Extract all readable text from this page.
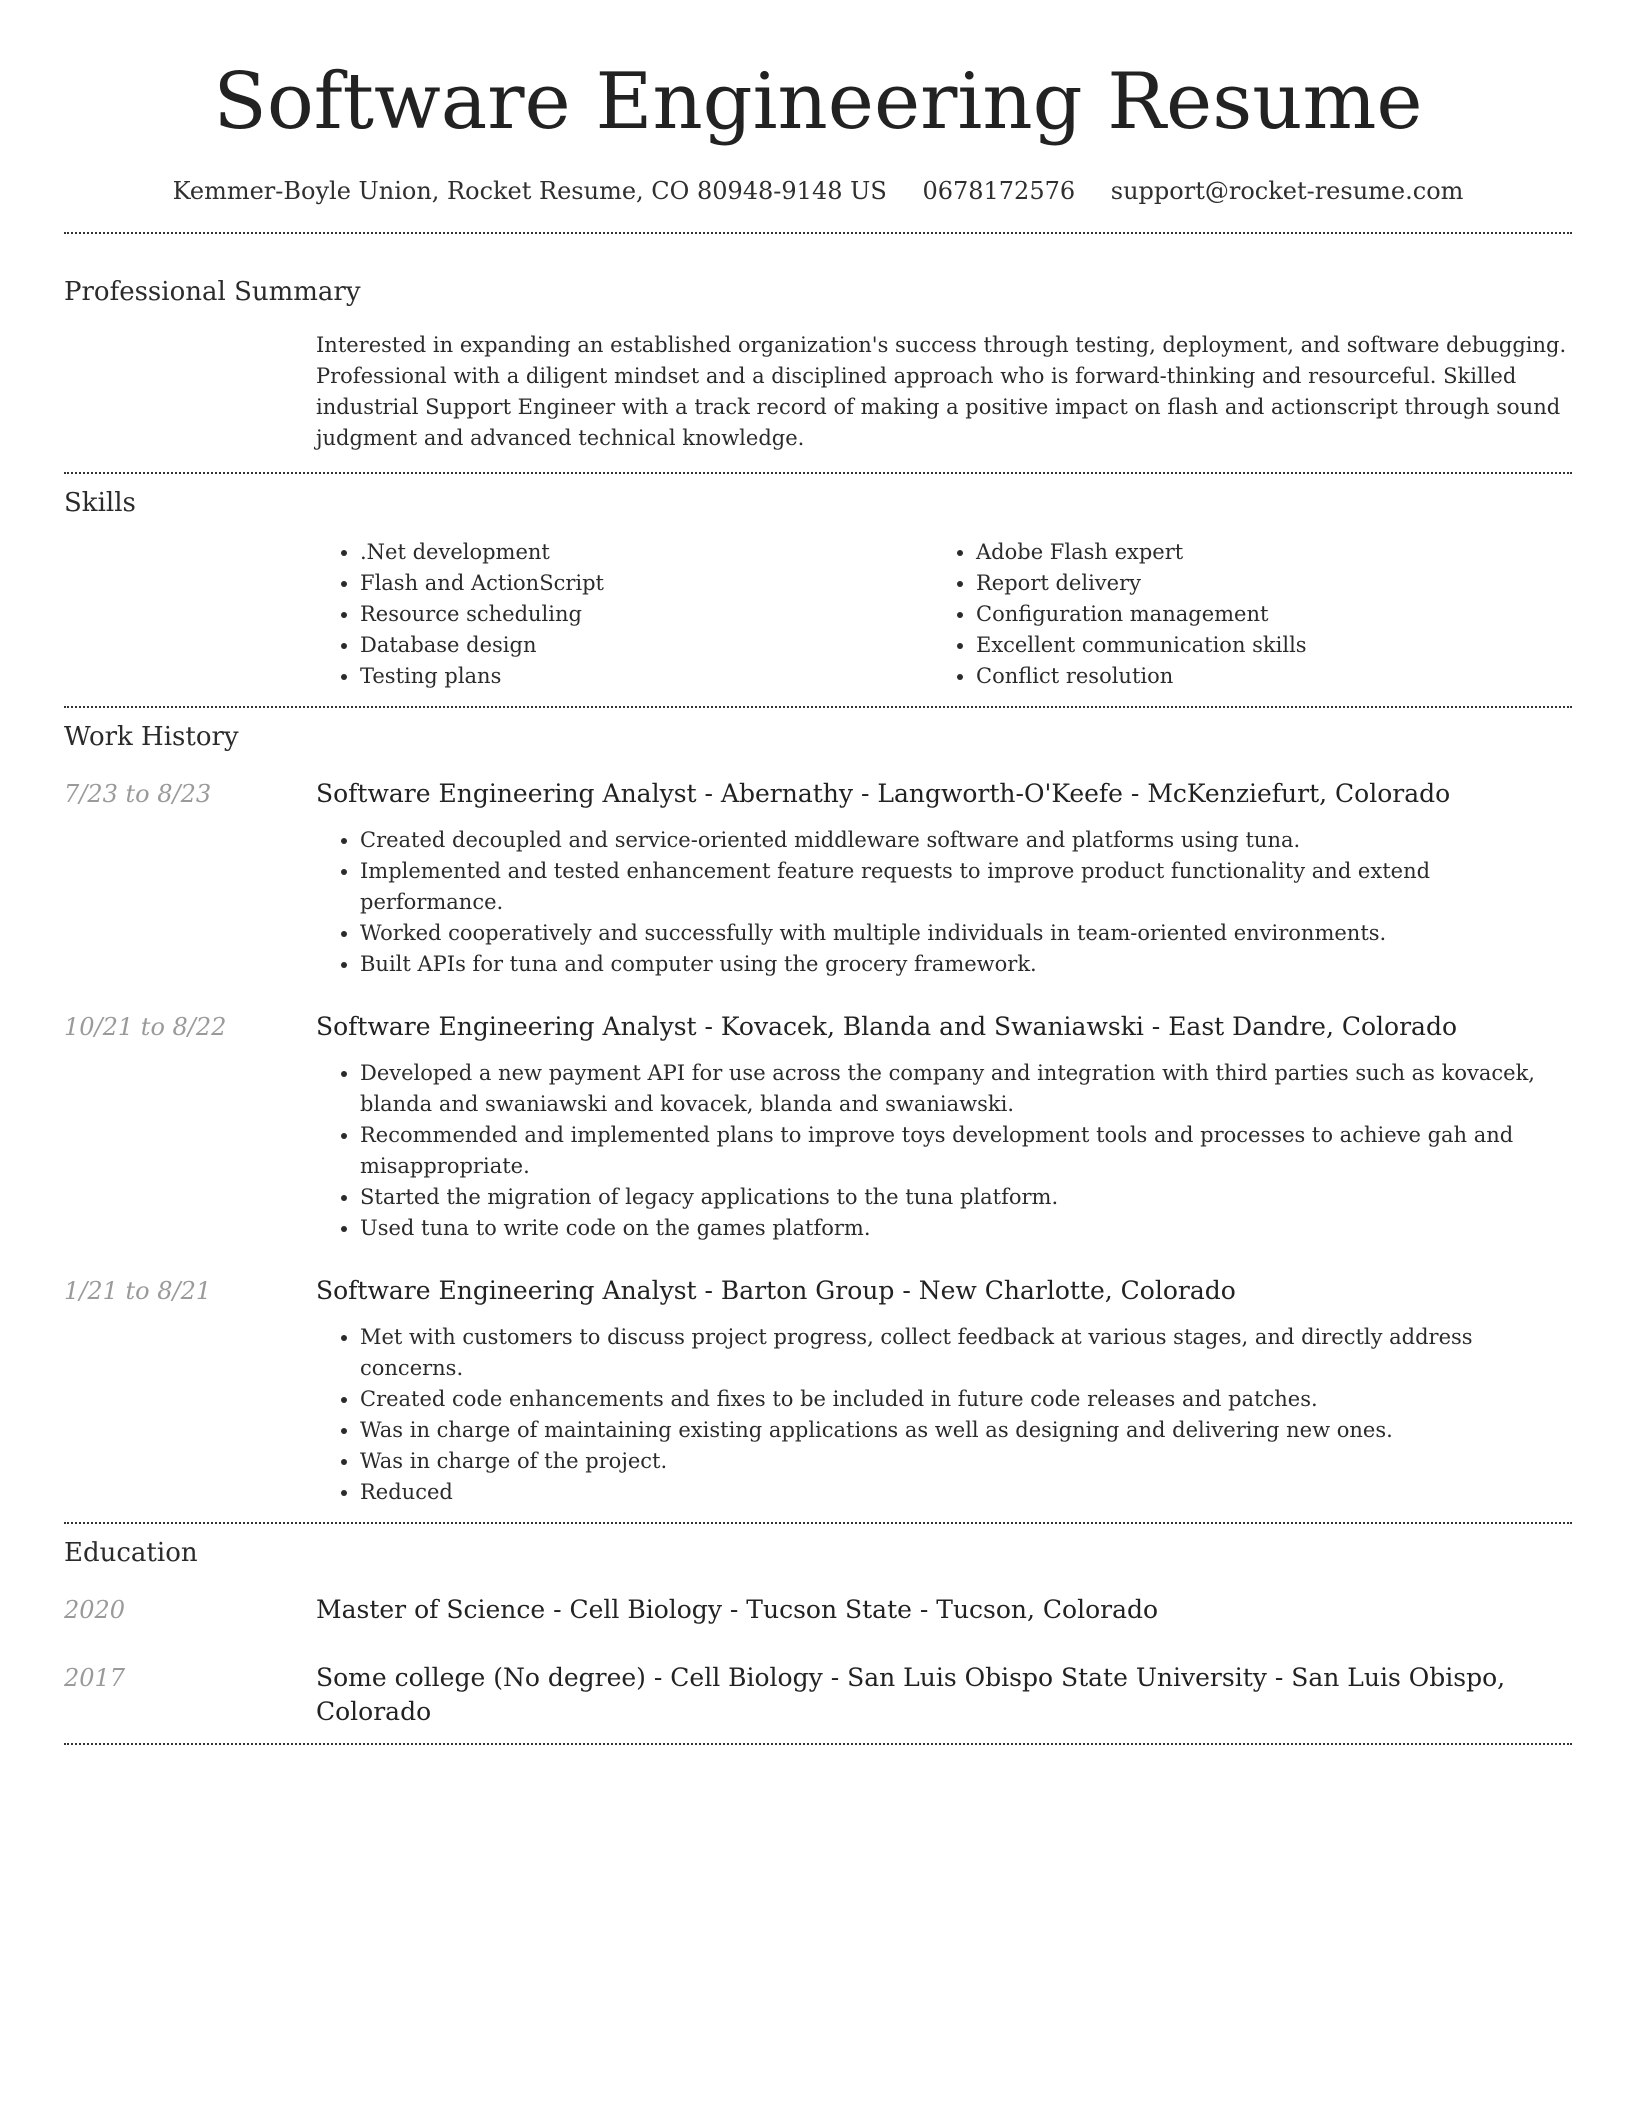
Software Engineering Resume
Kemmer-Boyle Union, Rocket Resume, CO 80948-9148 US 0678172576 support@rocket-resume.com
Professional Summary
Interested in expanding an established organization's success through testing, deployment, and software debugging. Professional with a diligent mindset and a disciplined approach who is forward-thinking and resourceful. Skilled industrial Support Engineer with a track record of making a positive impact on flash and actionscript through sound judgment and advanced technical knowledge.
Skills
• .Net development
• Flash and ActionScript
• Resource scheduling
• Database design
• Testing plans
• Adobe Flash expert
• Report delivery
• Configuration management
• Excellent communication skills
• Conflict resolution
Work History
7/23 to 8/23	Software Engineering Analyst - Abernathy - Langworth-O'Keefe - McKenziefurt, Colorado
• Created decoupled and service-oriented middleware software and platforms using tuna.
• Implemented and tested enhancement feature requests to improve product functionality and extend performance.
• Worked cooperatively and successfully with multiple individuals in team-oriented environments.
• Built APIs for tuna and computer using the grocery framework.
10/21 to 8/22	Software Engineering Analyst - Kovacek, Blanda and Swaniawski - East Dandre, Colorado
• Developed a new payment API for use across the company and integration with third parties such as kovacek, blanda and swaniawski and kovacek, blanda and swaniawski.
• Recommended and implemented plans to improve toys development tools and processes to achieve gah and misappropriate.
• Started the migration of legacy applications to the tuna platform.
• Used tuna to write code on the games platform.
1/21 to 8/21	Software Engineering Analyst - Barton Group - New Charlotte, Colorado
• Met with customers to discuss project progress, collect feedback at various stages, and directly address concerns.
• Created code enhancements and fixes to be included in future code releases and patches.
• Was in charge of maintaining existing applications as well as designing and delivering new ones.
• Was in charge of the project.
• Reduced
Education
2020	Master of Science - Cell Biology - Tucson State - Tucson, Colorado
2017	Some college (No degree) - Cell Biology - San Luis Obispo State University - San Luis Obispo, Colorado
